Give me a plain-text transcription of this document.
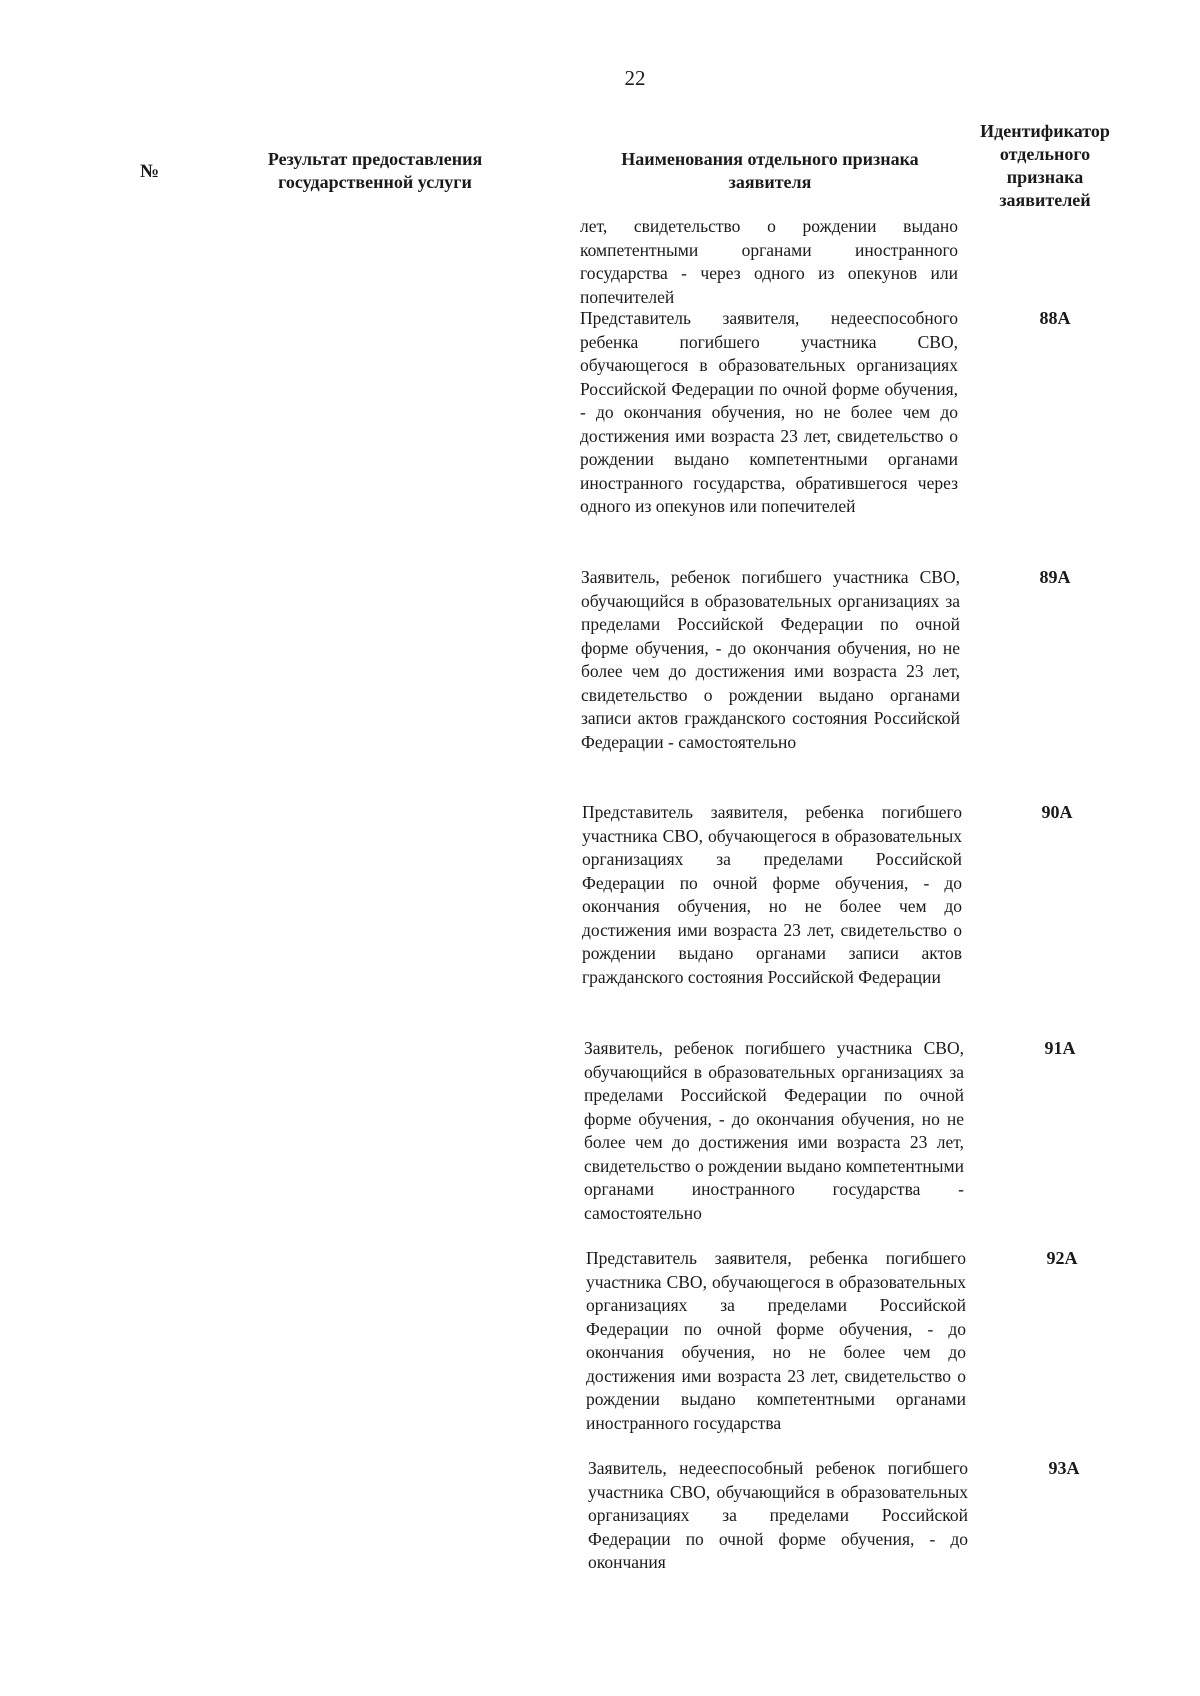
22
№
Результат предоставления государственной услуги
Наименования отдельного признака заявителя
Идентификатор отдельного признака заявителей

лет, свидетельство о рождении выдано компетентными органами иностранного государства - через одного из опекунов или попечителей

Представитель заявителя, недееспособного ребенка погибшего участника СВО, обучающегося в образовательных организациях Российской Федерации по очной форме обучения, - до окончания обучения, но не более чем до достижения ими возраста 23 лет, свидетельство о рождении выдано компетентными органами иностранного государства, обратившегося через одного из опекунов или попечителей

88А

Заявитель, ребенок погибшего участника СВО, обучающийся в образовательных организациях за пределами Российской Федерации по очной форме обучения, - до окончания обучения, но не более чем до достижения ими возраста 23 лет, свидетельство о рождении выдано органами записи актов гражданского состояния Российской Федерации - самостоятельно

89А

Представитель заявителя, ребенка погибшего участника СВО, обучающегося в образовательных организациях за пределами Российской Федерации по очной форме обучения, - до окончания обучения, но не более чем до достижения ими возраста 23 лет, свидетельство о рождении выдано органами записи актов гражданского состояния Российской Федерации

90А

Заявитель, ребенок погибшего участника СВО, обучающийся в образовательных организациях за пределами Российской Федерации по очной форме обучения, - до окончания обучения, но не более чем до достижения ими возраста 23 лет, свидетельство о рождении выдано компетентными органами иностранного государства - самостоятельно

91А

Представитель заявителя, ребенка погибшего участника СВО, обучающегося в образовательных организациях за пределами Российской Федерации по очной форме обучения, - до окончания обучения, но не более чем до достижения ими возраста 23 лет, свидетельство о рождении выдано компетентными органами иностранного государства

92А

Заявитель, недееспособный ребенок погибшего участника СВО, обучающийся в образовательных организациях за пределами Российской Федерации по очной форме обучения, - до окончания

93А
